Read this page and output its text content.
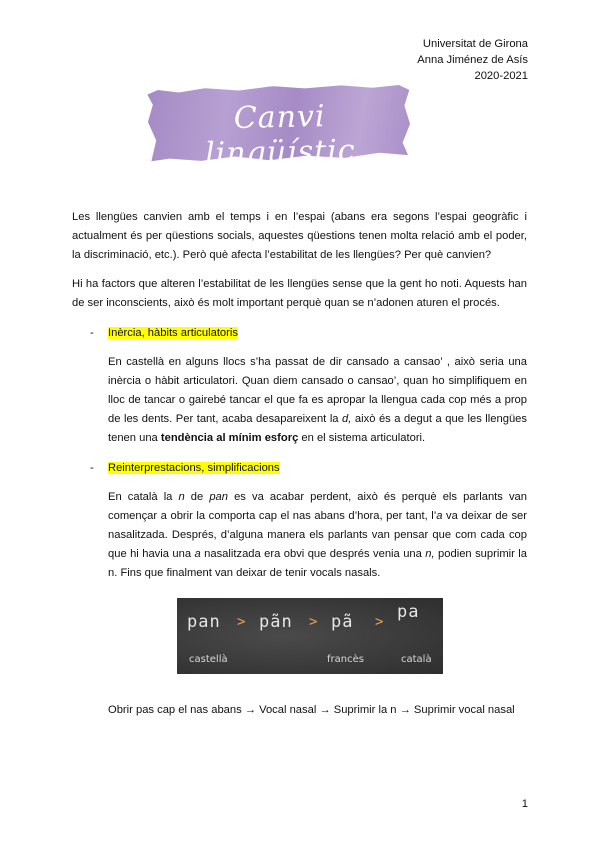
Universitat de Girona
Anna Jiménez de Asís
2020-2021
Canvi lingüístic
Les llengües canvien amb el temps i en l’espai (abans era segons l’espai geogràfic i actualment és per qüestions socials, aquestes qüestions tenen molta relació amb el poder, la discriminació, etc.). Però què afecta l’estabilitat de les llengües? Per què canvien?
Hi ha factors que alteren l’estabilitat de les llengües sense que la gent ho noti. Aquests han de ser inconscients, això és molt important perquè quan se n’adonen aturen el procés.
- Inèrcia, hàbits articulatoris
En castellà en alguns llocs s’ha passat de dir cansado a cansao’ , això seria una inèrcia o hàbit articulatori. Quan diem cansado o cansao’, quan ho simplifiquem en lloc de tancar o gairebé tancar el que fa es apropar la llengua cada cop més a prop de les dents. Per tant, acaba desapareixent la d, això és a degut a que les llengües tenen una tendència al mínim esforç en el sistema articulatori.
- Reinterprestacions, simplificacions
En català la n de pan es va acabar perdent, això és perquè els parlants van començar a obrir la comporta cap el nas abans d’hora, per tant, l’a va deixar de ser nasalitzada. Després, d’alguna manera els parlants van pensar que com cada cop que hi havia una a nasalitzada era obvi que després venia una n, podien suprimir la n. Fins que finalment van deixar de tenir vocals nasals.
pan > pãn > pã > pa
castellà	francès	català
Obrir pas cap el nas abans → Vocal nasal → Suprimir la n → Suprimir vocal nasal
1
